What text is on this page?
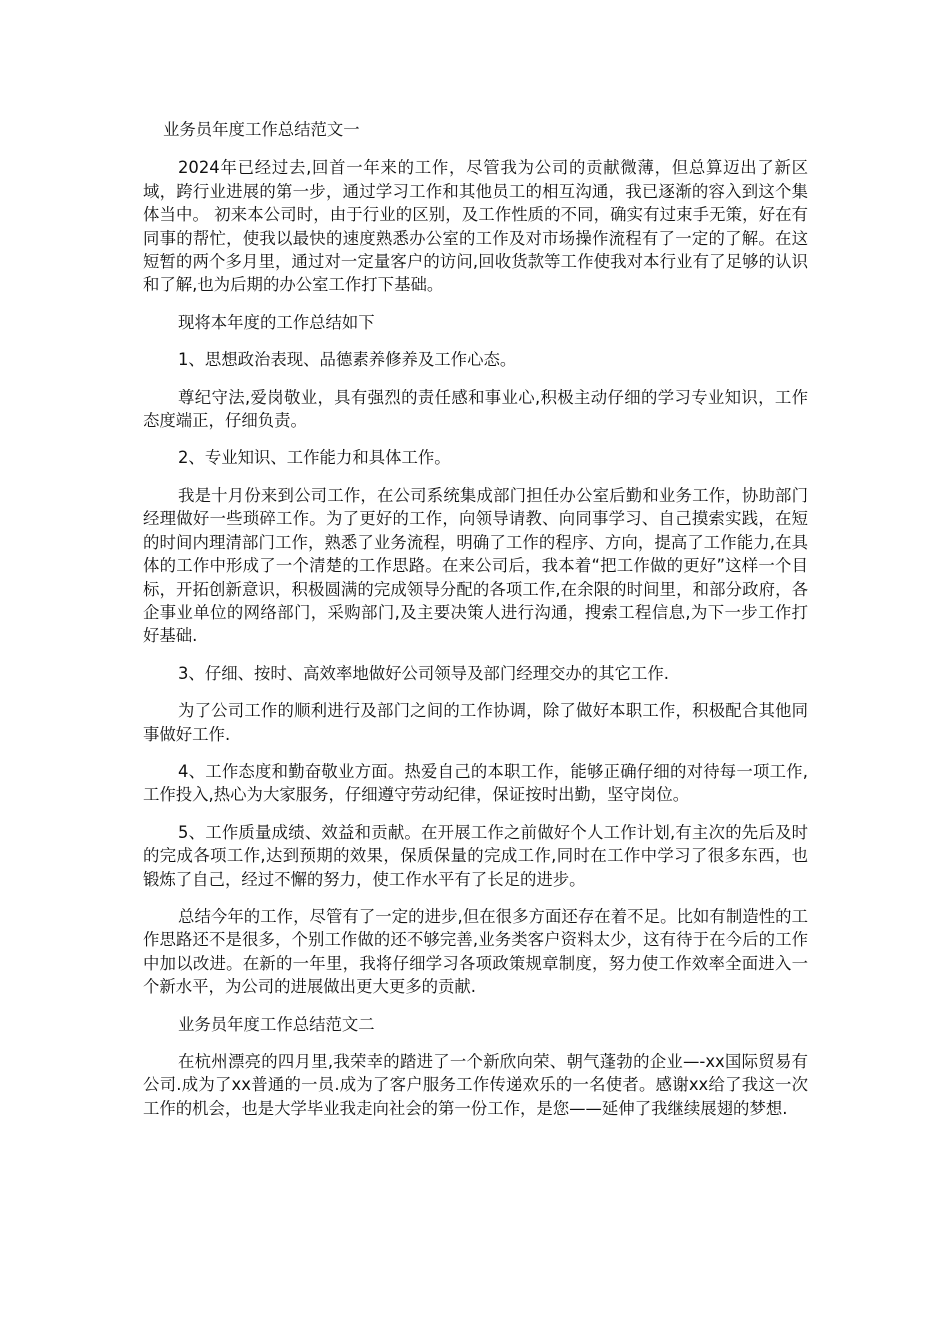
业务员年度工作总结范文一

2024年已经过去,回首一年来的工作，尽管我为公司的贡献微薄，但总算迈出了新区域，跨行业进展的第一步，通过学习工作和其他员工的相互沟通，我已逐渐的容入到这个集体当中。 初来本公司时，由于行业的区别，及工作性质的不同，确实有过束手无策，好在有同事的帮忙，使我以最快的速度熟悉办公室的工作及对市场操作流程有了一定的了解。在这短暂的两个多月里，通过对一定量客户的访问,回收货款等工作使我对本行业有了足够的认识和了解,也为后期的办公室工作打下基础。

现将本年度的工作总结如下

1、思想政治表现、品德素养修养及工作心态。

尊纪守法,爱岗敬业，具有强烈的责任感和事业心,积极主动仔细的学习专业知识，工作态度端正，仔细负责。

2、专业知识、工作能力和具体工作。

我是十月份来到公司工作，在公司系统集成部门担任办公室后勤和业务工作，协助部门经理做好一些琐碎工作。为了更好的工作，向领导请教、向同事学习、自己摸索实践，在短的时间内理清部门工作，熟悉了业务流程，明确了工作的程序、方向，提高了工作能力,在具体的工作中形成了一个清楚的工作思路。在来公司后，我本着“把工作做的更好”这样一个目标，开拓创新意识，积极圆满的完成领导分配的各项工作,在余限的时间里，和部分政府，各企事业单位的网络部门，采购部门,及主要决策人进行沟通，搜索工程信息,为下一步工作打好基础.

3、仔细、按时、高效率地做好公司领导及部门经理交办的其它工作.

为了公司工作的顺利进行及部门之间的工作协调，除了做好本职工作，积极配合其他同事做好工作.

4、工作态度和勤奋敬业方面。热爱自己的本职工作，能够正确仔细的对待每一项工作,工作投入,热心为大家服务，仔细遵守劳动纪律，保证按时出勤，坚守岗位。

5、工作质量成绩、效益和贡献。在开展工作之前做好个人工作计划,有主次的先后及时的完成各项工作,达到预期的效果，保质保量的完成工作,同时在工作中学习了很多东西，也锻炼了自己，经过不懈的努力，使工作水平有了长足的进步。

总结今年的工作，尽管有了一定的进步,但在很多方面还存在着不足。比如有制造性的工作思路还不是很多，个别工作做的还不够完善,业务类客户资料太少，这有待于在今后的工作中加以改进。在新的一年里，我将仔细学习各项政策规章制度，努力使工作效率全面进入一个新水平，为公司的进展做出更大更多的贡献.

业务员年度工作总结范文二

在杭州漂亮的四月里,我荣幸的踏进了一个新欣向荣、朝气蓬勃的企业—-xx国际贸易有公司.成为了xx普通的一员.成为了客户服务工作传递欢乐的一名使者。感谢xx给了我这一次工作的机会，也是大学毕业我走向社会的第一份工作，是您——延伸了我继续展翅的梦想.
